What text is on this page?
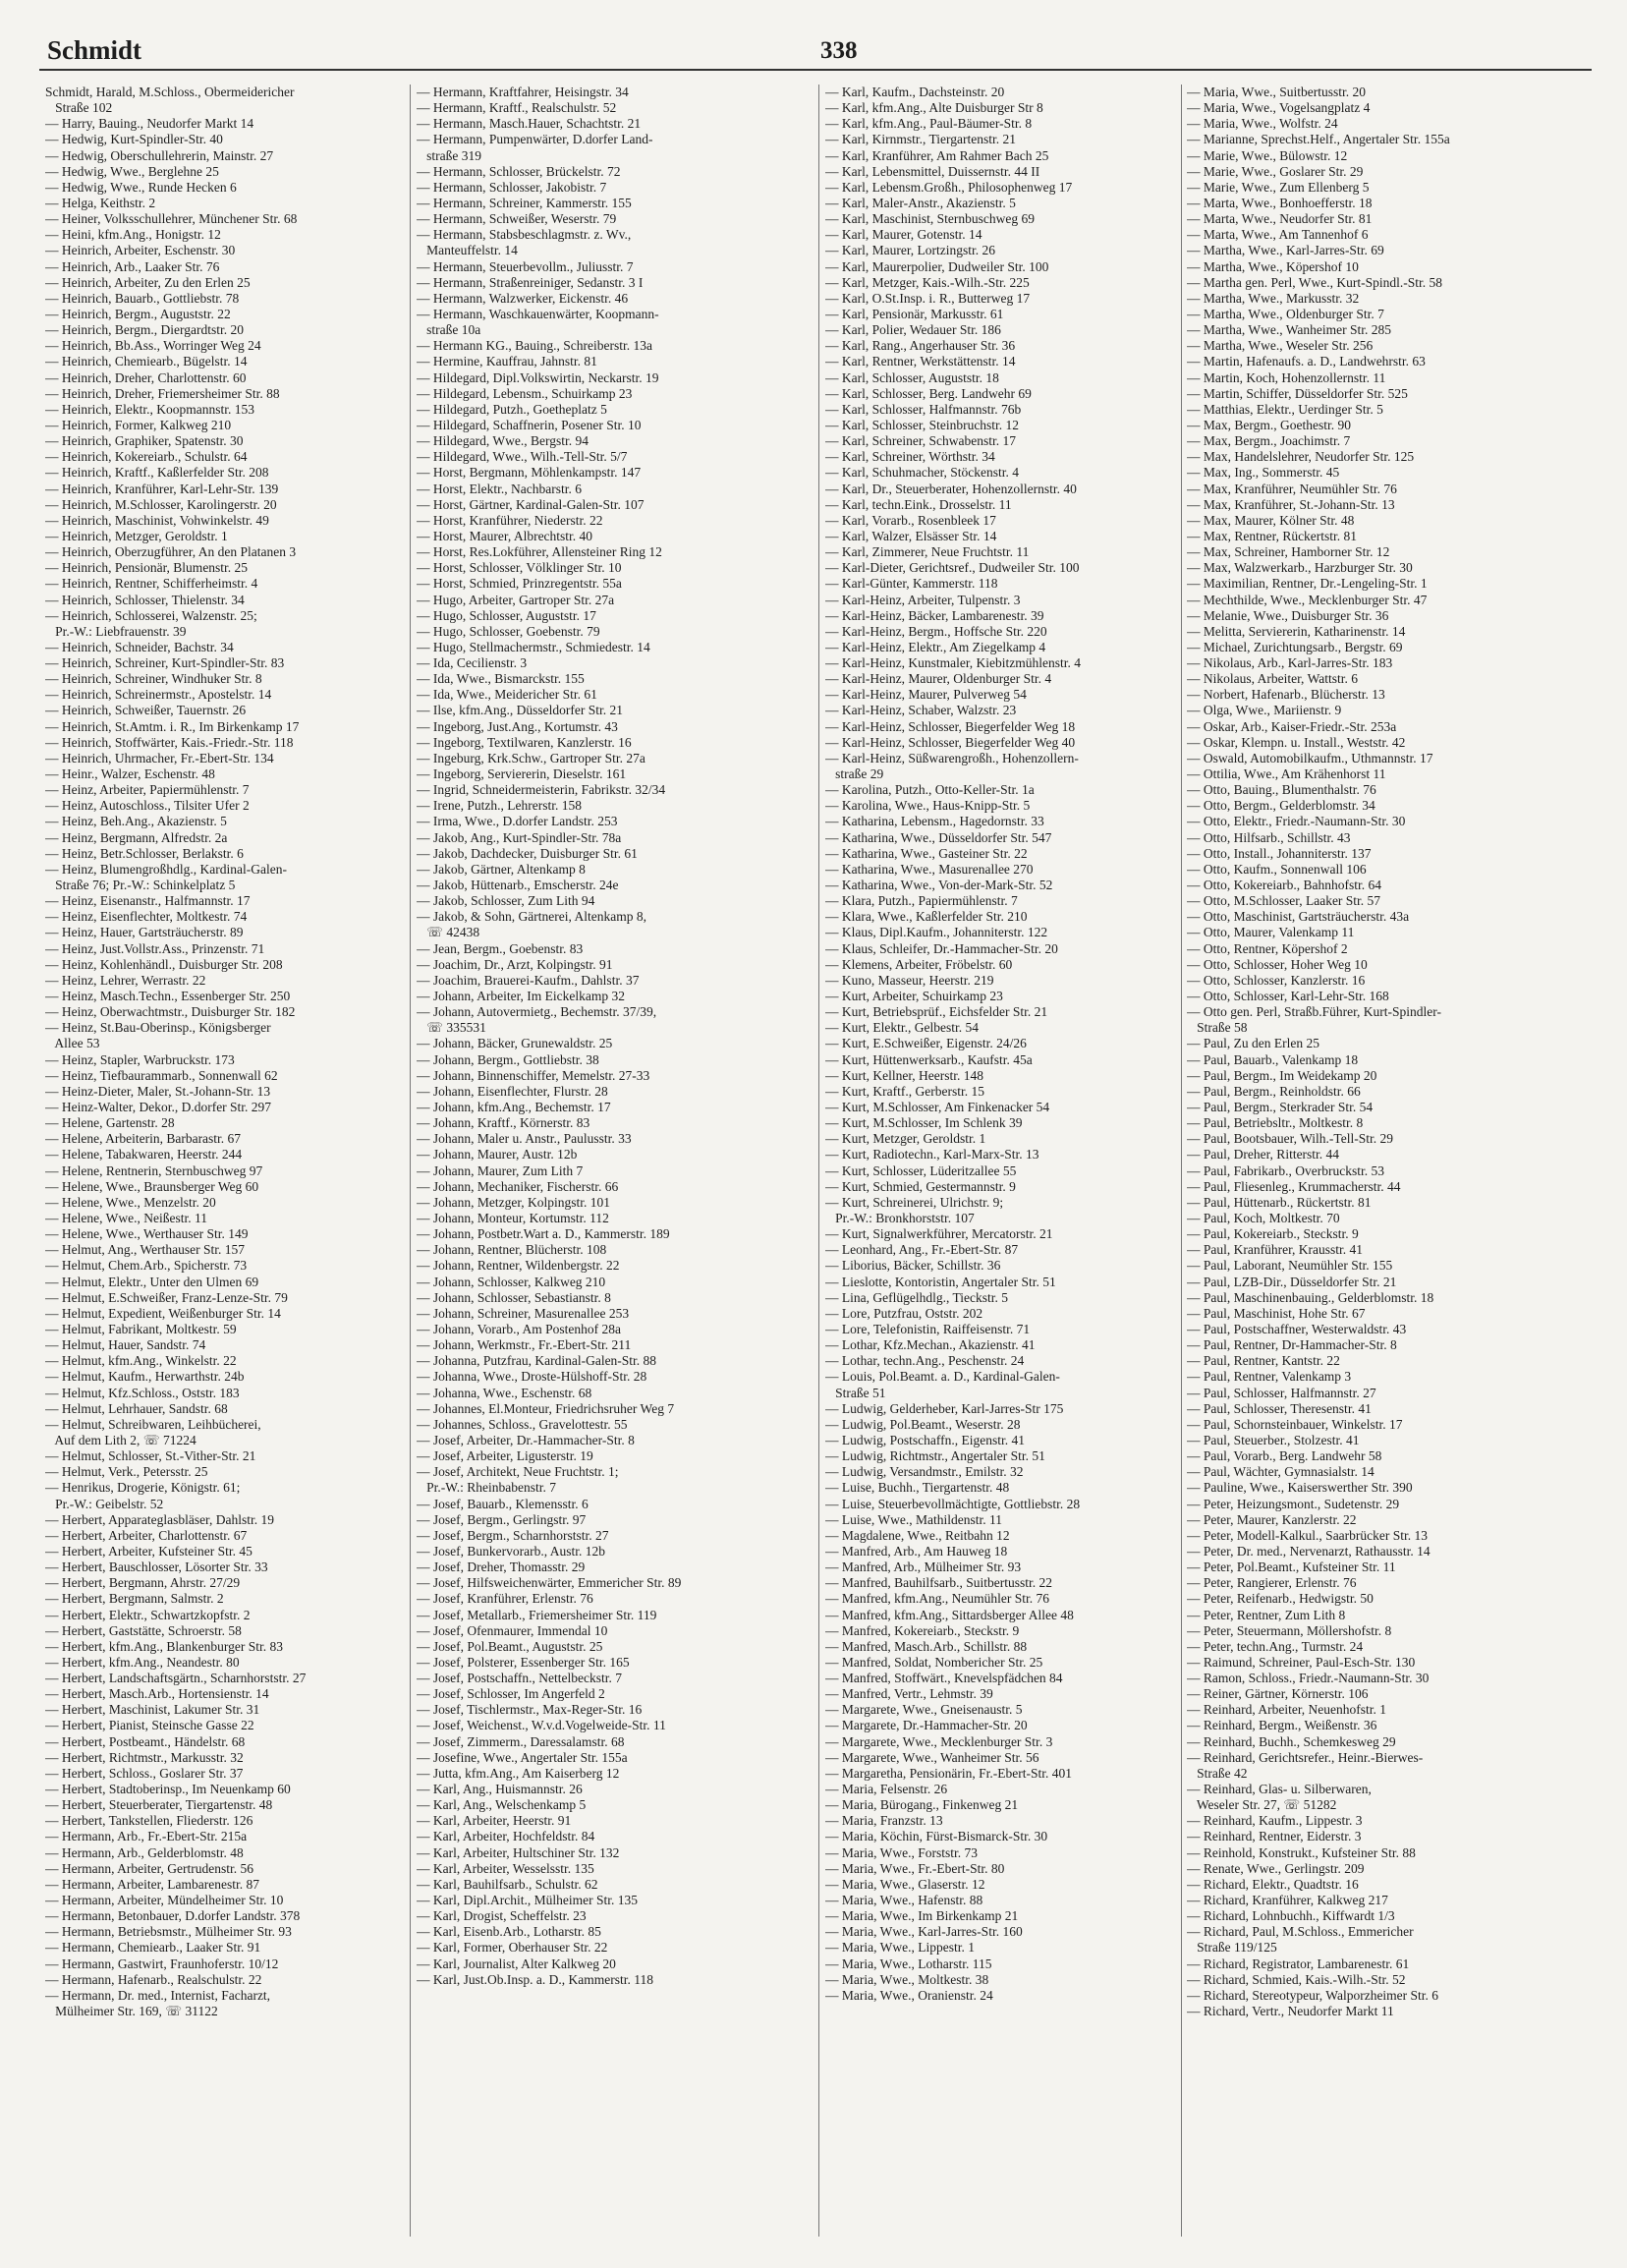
Schmidt	338
Schmidt, Harald, M.Schloss., Obermeidericher
Straße 102
— Harry, Bauing., Neudorfer Markt 14
— Hedwig, Kurt-Spindler-Str. 40
— Hedwig, Oberschullehrerin, Mainstr. 27
— Hedwig, Wwe., Berglehne 25
— Hedwig, Wwe., Runde Hecken 6
— Helga, Keithstr. 2
— Heiner, Volksschullehrer, Münchener Str. 68
— Heini, kfm.Ang., Honigstr. 12
— Heinrich, Arbeiter, Eschenstr. 30
— Heinrich, Arb., Laaker Str. 76
— Heinrich, Arbeiter, Zu den Erlen 25
— Heinrich, Bauarb., Gottliebstr. 78
— Heinrich, Bergm., Auguststr. 22
— Heinrich, Bergm., Diergardtstr. 20
— Heinrich, Bb.Ass., Worringer Weg 24
— Heinrich, Chemiearb., Bügelstr. 14
— Heinrich, Dreher, Charlottenstr. 60
— Heinrich, Dreher, Friemersheimer Str. 88
— Heinrich, Elektr., Koopmannstr. 153
— Heinrich, Former, Kalkweg 210
— Heinrich, Graphiker, Spatenstr. 30
— Heinrich, Kokereiarb., Schulstr. 64
— Heinrich, Kraftf., Kaßlerfelder Str. 208
— Heinrich, Kranführer, Karl-Lehr-Str. 139
— Heinrich, M.Schlosser, Karolingerstr. 20
— Heinrich, Maschinist, Vohwinkelstr. 49
— Heinrich, Metzger, Geroldstr. 1
— Heinrich, Oberzugführer, An den Platanen 3
— Heinrich, Pensionär, Blumenstr. 25
— Heinrich, Rentner, Schifferheimstr. 4
— Heinrich, Schlosser, Thielenstr. 34
— Heinrich, Schlosserei, Walzenstr. 25;
Pr.-W.: Liebfrauenstr. 39
— Heinrich, Schneider, Bachstr. 34
— Heinrich, Schreiner, Kurt-Spindler-Str. 83
— Heinrich, Schreiner, Windhuker Str. 8
— Heinrich, Schreinermstr., Apostelstr. 14
— Heinrich, Schweißer, Tauernstr. 26
— Heinrich, St.Amtm. i. R., Im Birkenkamp 17
— Heinrich, Stoffwärter, Kais.-Friedr.-Str. 118
— Heinrich, Uhrmacher, Fr.-Ebert-Str. 134
— Heinr., Walzer, Eschenstr. 48
— Heinz, Arbeiter, Papiermühlenstr. 7
— Heinz, Autoschloss., Tilsiter Ufer 2
— Heinz, Beh.Ang., Akazienstr. 5
— Heinz, Bergmann, Alfredstr. 2a
— Heinz, Betr.Schlosser, Berlakstr. 6
— Heinz, Blumengroßhdlg., Kardinal-Galen-
Straße 76; Pr.-W.: Schinkelplatz 5
— Heinz, Eisenanstr., Halfmannstr. 17
— Heinz, Eisenflechter, Moltkestr. 74
— Heinz, Hauer, Gartsträucherstr. 89
— Heinz, Just.Vollstr.Ass., Prinzenstr. 71
— Heinz, Kohlenhändl., Duisburger Str. 208
— Heinz, Lehrer, Werrastr. 22
— Heinz, Masch.Techn., Essenberger Str. 250
— Heinz, Oberwachtmstr., Duisburger Str. 182
— Heinz, St.Bau-Oberinsp., Königsberger
Allee 53
— Heinz, Stapler, Warbruckstr. 173
— Heinz, Tiefbaurammarb., Sonnenwall 62
— Heinz-Dieter, Maler, St.-Johann-Str. 13
— Heinz-Walter, Dekor., D.dorfer Str. 297
— Helene, Gartenstr. 28
— Helene, Arbeiterin, Barbarastr. 67
— Helene, Tabakwaren, Heerstr. 244
— Helene, Rentnerin, Sternbuschweg 97
— Helene, Wwe., Braunsberger Weg 60
— Helene, Wwe., Menzelstr. 20
— Helene, Wwe., Neißestr. 11
— Helene, Wwe., Werthauser Str. 149
— Helmut, Ang., Werthauser Str. 157
— Helmut, Chem.Arb., Spicherstr. 73
— Helmut, Elektr., Unter den Ulmen 69
— Helmut, E.Schweißer, Franz-Lenze-Str. 79
— Helmut, Expedient, Weißenburger Str. 14
— Helmut, Fabrikant, Moltkestr. 59
— Helmut, Hauer, Sandstr. 74
— Helmut, kfm.Ang., Winkelstr. 22
— Helmut, Kaufm., Herwarthstr. 24b
— Helmut, Kfz.Schloss., Oststr. 183
— Helmut, Lehrhauer, Sandstr. 68
— Helmut, Schreibwaren, Leihbücherei,
Auf dem Lith 2, ☏ 71224
— Helmut, Schlosser, St.-Vither-Str. 21
— Helmut, Verk., Petersstr. 25
— Henrikus, Drogerie, Königstr. 61;
Pr.-W.: Geibelstr. 52
— Herbert, Apparateglasbläser, Dahlstr. 19
— Herbert, Arbeiter, Charlottenstr. 67
— Herbert, Arbeiter, Kufsteiner Str. 45
— Herbert, Bauschlosser, Lösorter Str. 33
— Herbert, Bergmann, Ahrstr. 27/29
— Herbert, Bergmann, Salmstr. 2
— Herbert, Elektr., Schwartzkopfstr. 2
— Herbert, Gaststätte, Schroerstr. 58
— Herbert, kfm.Ang., Blankenburger Str. 83
— Herbert, kfm.Ang., Neandestr. 80
— Herbert, Landschaftsgärtn., Scharnhorststr. 27
— Herbert, Masch.Arb., Hortensienstr. 14
— Herbert, Maschinist, Lakumer Str. 31
— Herbert, Pianist, Steinsche Gasse 22
— Herbert, Postbeamt., Händelstr. 68
— Herbert, Richtmstr., Markusstr. 32
— Herbert, Schloss., Goslarer Str. 37
— Herbert, Stadtoberinsp., Im Neuenkamp 60
— Herbert, Steuerberater, Tiergartenstr. 48
— Herbert, Tankstellen, Fliederstr. 126
— Hermann, Arb., Fr.-Ebert-Str. 215a
— Hermann, Arb., Gelderblomstr. 48
— Hermann, Arbeiter, Gertrudenstr. 56
— Hermann, Arbeiter, Lambarenestr. 87
— Hermann, Arbeiter, Mündelheimer Str. 10
— Hermann, Betonbauer, D.dorfer Landstr. 378
— Hermann, Betriebsmstr., Mülheimer Str. 93
— Hermann, Chemiearb., Laaker Str. 91
— Hermann, Gastwirt, Fraunhoferstr. 10/12
— Hermann, Hafenarb., Realschulstr. 22
— Hermann, Dr. med., Internist, Facharzt,
Mülheimer Str. 169, ☏ 31122
— Hermann, Kraftfahrer, Heisingstr. 34
— Hermann, Kraftf., Realschulstr. 52
— Hermann, Masch.Hauer, Schachtstr. 21
— Hermann, Pumpenwärter, D.dorfer Land-
straße 319
— Hermann, Schlosser, Brückelstr. 72
— Hermann, Schlosser, Jakobistr. 7
— Hermann, Schreiner, Kammerstr. 155
— Hermann, Schweißer, Weserstr. 79
— Hermann, Stabsbeschlagmstr. z. Wv.,
Manteuffelstr. 14
— Hermann, Steuerbevollm., Juliusstr. 7
— Hermann, Straßenreiniger, Sedanstr. 3 I
— Hermann, Walzwerker, Eickenstr. 46
— Hermann, Waschkauenwärter, Koopmann-
straße 10a
— Hermann KG., Bauing., Schreiberstr. 13a
— Hermine, Kauffrau, Jahnstr. 81
— Hildegard, Dipl.Volkswirtin, Neckarstr. 19
— Hildegard, Lebensm., Schuirkamp 23
— Hildegard, Putzh., Goetheplatz 5
— Hildegard, Schaffnerin, Posener Str. 10
— Hildegard, Wwe., Bergstr. 94
— Hildegard, Wwe., Wilh.-Tell-Str. 5/7
— Horst, Bergmann, Möhlenkampstr. 147
— Horst, Elektr., Nachbarstr. 6
— Horst, Gärtner, Kardinal-Galen-Str. 107
— Horst, Kranführer, Niederstr. 22
— Horst, Maurer, Albrechtstr. 40
— Horst, Res.Lokführer, Allensteiner Ring 12
— Horst, Schlosser, Völklinger Str. 10
— Horst, Schmied, Prinzregentstr. 55a
— Hugo, Arbeiter, Gartroper Str. 27a
— Hugo, Schlosser, Auguststr. 17
— Hugo, Schlosser, Goebenstr. 79
— Hugo, Stellmachermstr., Schmiedestr. 14
— Ida, Cecilienstr. 3
— Ida, Wwe., Bismarckstr. 155
— Ida, Wwe., Meidericher Str. 61
— Ilse, kfm.Ang., Düsseldorfer Str. 21
— Ingeborg, Just.Ang., Kortumstr. 43
— Ingeborg, Textilwaren, Kanzlerstr. 16
— Ingeburg, Krk.Schw., Gartroper Str. 27a
— Ingeborg, Serviererin, Dieselstr. 161
— Ingrid, Schneidermeisterin, Fabrikstr. 32/34
— Irene, Putzh., Lehrerstr. 158
— Irma, Wwe., D.dorfer Landstr. 253
— Jakob, Ang., Kurt-Spindler-Str. 78a
— Jakob, Dachdecker, Duisburger Str. 61
— Jakob, Gärtner, Altenkamp 8
— Jakob, Hüttenarb., Emscherstr. 24e
— Jakob, Schlosser, Zum Lith 94
— Jakob, & Sohn, Gärtnerei, Altenkamp 8,
☏ 42438
— Jean, Bergm., Goebenstr. 83
— Joachim, Dr., Arzt, Kolpingstr. 91
— Joachim, Brauerei-Kaufm., Dahlstr. 37
— Johann, Arbeiter, Im Eickelkamp 32
— Johann, Autovermietg., Bechemstr. 37/39,
☏ 335531
— Johann, Bäcker, Grunewaldstr. 25
— Johann, Bergm., Gottliebstr. 38
— Johann, Binnenschiffer, Memelstr. 27-33
— Johann, Eisenflechter, Flurstr. 28
— Johann, kfm.Ang., Bechemstr. 17
— Johann, Kraftf., Körnerstr. 83
— Johann, Maler u. Anstr., Paulusstr. 33
— Johann, Maurer, Austr. 12b
— Johann, Maurer, Zum Lith 7
— Johann, Mechaniker, Fischerstr. 66
— Johann, Metzger, Kolpingstr. 101
— Johann, Monteur, Kortumstr. 112
— Johann, Postbetr.Wart a. D., Kammerstr. 189
— Johann, Rentner, Blücherstr. 108
— Johann, Rentner, Wildenbergstr. 22
— Johann, Schlosser, Kalkweg 210
— Johann, Schlosser, Sebastianstr. 8
— Johann, Schreiner, Masurenallee 253
— Johann, Vorarb., Am Postenhof 28a
— Johann, Werkmstr., Fr.-Ebert-Str. 211
— Johanna, Putzfrau, Kardinal-Galen-Str. 88
— Johanna, Wwe., Droste-Hülshoff-Str. 28
— Johanna, Wwe., Eschenstr. 68
— Johannes, El.Monteur, Friedrichsruher Weg 7
— Johannes, Schloss., Gravelottestr. 55
— Josef, Arbeiter, Dr.-Hammacher-Str. 8
— Josef, Arbeiter, Ligusterstr. 19
— Josef, Architekt, Neue Fruchtstr. 1;
Pr.-W.: Rheinbabenstr. 7
— Josef, Bauarb., Klemensstr. 6
— Josef, Bergm., Gerlingstr. 97
— Josef, Bergm., Scharnhorststr. 27
— Josef, Bunkervorarb., Austr. 12b
— Josef, Dreher, Thomasstr. 29
— Josef, Hilfsweichenwärter, Emmericher Str. 89
— Josef, Kranführer, Erlenstr. 76
— Josef, Metallarb., Friemersheimer Str. 119
— Josef, Ofenmaurer, Immendal 10
— Josef, Pol.Beamt., Auguststr. 25
— Josef, Polsterer, Essenberger Str. 165
— Josef, Postschaffn., Nettelbeckstr. 7
— Josef, Schlosser, Im Angerfeld 2
— Josef, Tischlermstr., Max-Reger-Str. 16
— Josef, Weichenst., W.v.d.Vogelweide-Str. 11
— Josef, Zimmerm., Daressalamstr. 68
— Josefine, Wwe., Angertaler Str. 155a
— Jutta, kfm.Ang., Am Kaiserberg 12
— Karl, Ang., Huismannstr. 26
— Karl, Ang., Welschenkamp 5
— Karl, Arbeiter, Heerstr. 91
— Karl, Arbeiter, Hochfeldstr. 84
— Karl, Arbeiter, Hultschiner Str. 132
— Karl, Arbeiter, Wesselsstr. 135
— Karl, Bauhilfsarb., Schulstr. 62
— Karl, Dipl.Archit., Mülheimer Str. 135
— Karl, Drogist, Scheffelstr. 23
— Karl, Eisenb.Arb., Lotharstr. 85
— Karl, Former, Oberhauser Str. 22
— Karl, Journalist, Alter Kalkweg 20
— Karl, Just.Ob.Insp. a. D., Kammerstr. 118
— Karl, Kaufm., Dachsteinstr. 20
— Karl, kfm.Ang., Alte Duisburger Str 8
— Karl, kfm.Ang., Paul-Bäumer-Str. 8
— Karl, Kirnmstr., Tiergartenstr. 21
— Karl, Kranführer, Am Rahmer Bach 25
— Karl, Lebensmittel, Duissernstr. 44 II
— Karl, Lebensm.Großh., Philosophenweg 17
— Karl, Maler-Anstr., Akazienstr. 5
— Karl, Maschinist, Sternbuschweg 69
— Karl, Maurer, Gotenstr. 14
— Karl, Maurer, Lortzingstr. 26
— Karl, Maurerpolier, Dudweiler Str. 100
— Karl, Metzger, Kais.-Wilh.-Str. 225
— Karl, O.St.Insp. i. R., Butterweg 17
— Karl, Pensionär, Markusstr. 61
— Karl, Polier, Wedauer Str. 186
— Karl, Rang., Angerhauser Str. 36
— Karl, Rentner, Werkstättenstr. 14
— Karl, Schlosser, Auguststr. 18
— Karl, Schlosser, Berg. Landwehr 69
— Karl, Schlosser, Halfmannstr. 76b
— Karl, Schlosser, Steinbruchstr. 12
— Karl, Schreiner, Schwabenstr. 17
— Karl, Schreiner, Wörthstr. 34
— Karl, Schuhmacher, Stöckenstr. 4
— Karl, Dr., Steuerberater, Hohenzollernstr. 40
— Karl, techn.Eink., Drosselstr. 11
— Karl, Vorarb., Rosenbleek 17
— Karl, Walzer, Elsässer Str. 14
— Karl, Zimmerer, Neue Fruchtstr. 11
— Karl-Dieter, Gerichtsref., Dudweiler Str. 100
— Karl-Günter, Kammerstr. 118
— Karl-Heinz, Arbeiter, Tulpenstr. 3
— Karl-Heinz, Bäcker, Lambarenestr. 39
— Karl-Heinz, Bergm., Hoffsche Str. 220
— Karl-Heinz, Elektr., Am Ziegelkamp 4
— Karl-Heinz, Kunstmaler, Kiebitzmühlenstr. 4
— Karl-Heinz, Maurer, Oldenburger Str. 4
— Karl-Heinz, Maurer, Pulverweg 54
— Karl-Heinz, Schaber, Walzstr. 23
— Karl-Heinz, Schlosser, Biegerfelder Weg 18
— Karl-Heinz, Schlosser, Biegerfelder Weg 40
— Karl-Heinz, Süßwarengroßh., Hohenzollern-
straße 29
— Karolina, Putzh., Otto-Keller-Str. 1a
— Karolina, Wwe., Haus-Knipp-Str. 5
— Katharina, Lebensm., Hagedornstr. 33
— Katharina, Wwe., Düsseldorfer Str. 547
— Katharina, Wwe., Gasteiner Str. 22
— Katharina, Wwe., Masurenallee 270
— Katharina, Wwe., Von-der-Mark-Str. 52
— Klara, Putzh., Papiermühlenstr. 7
— Klara, Wwe., Kaßlerfelder Str. 210
— Klaus, Dipl.Kaufm., Johanniterstr. 122
— Klaus, Schleifer, Dr.-Hammacher-Str. 20
— Klemens, Arbeiter, Fröbelstr. 60
— Kuno, Masseur, Heerstr. 219
— Kurt, Arbeiter, Schuirkamp 23
— Kurt, Betriebsprüf., Eichsfelder Str. 21
— Kurt, Elektr., Gelbestr. 54
— Kurt, E.Schweißer, Eigenstr. 24/26
— Kurt, Hüttenwerksarb., Kaufstr. 45a
— Kurt, Kellner, Heerstr. 148
— Kurt, Kraftf., Gerberstr. 15
— Kurt, M.Schlosser, Am Finkenacker 54
— Kurt, M.Schlosser, Im Schlenk 39
— Kurt, Metzger, Geroldstr. 1
— Kurt, Radiotechn., Karl-Marx-Str. 13
— Kurt, Schlosser, Lüderitzallee 55
— Kurt, Schmied, Gestermannstr. 9
— Kurt, Schreinerei, Ulrichstr. 9;
Pr.-W.: Bronkhorststr. 107
— Kurt, Signalwerkführer, Mercatorstr. 21
— Leonhard, Ang., Fr.-Ebert-Str. 87
— Liborius, Bäcker, Schillstr. 36
— Lieslotte, Kontoristin, Angertaler Str. 51
— Lina, Geflügelhdlg., Tieckstr. 5
— Lore, Putzfrau, Oststr. 202
— Lore, Telefonistin, Raiffeisenstr. 71
— Lothar, Kfz.Mechan., Akazienstr. 41
— Lothar, techn.Ang., Peschenstr. 24
— Louis, Pol.Beamt. a. D., Kardinal-Galen-
Straße 51
— Ludwig, Gelderheber, Karl-Jarres-Str 175
— Ludwig, Pol.Beamt., Weserstr. 28
— Ludwig, Postschaffn., Eigenstr. 41
— Ludwig, Richtmstr., Angertaler Str. 51
— Ludwig, Versandmstr., Emilstr. 32
— Luise, Buchh., Tiergartenstr. 48
— Luise, Steuerbevollmächtigte, Gottliebstr. 28
— Luise, Wwe., Mathildenstr. 11
— Magdalene, Wwe., Reitbahn 12
— Manfred, Arb., Am Hauweg 18
— Manfred, Arb., Mülheimer Str. 93
— Manfred, Bauhilfsarb., Suitbertusstr. 22
— Manfred, kfm.Ang., Neumühler Str. 76
— Manfred, kfm.Ang., Sittardsberger Allee 48
— Manfred, Kokereiarb., Steckstr. 9
— Manfred, Masch.Arb., Schillstr. 88
— Manfred, Soldat, Nombericher Str. 25
— Manfred, Stoffwärt., Knevelspfädchen 84
— Manfred, Vertr., Lehmstr. 39
— Margarete, Wwe., Gneisenaustr. 5
— Margarete, Dr.-Hammacher-Str. 20
— Margarete, Wwe., Mecklenburger Str. 3
— Margarete, Wwe., Wanheimer Str. 56
— Margaretha, Pensionärin, Fr.-Ebert-Str. 401
— Maria, Felsenstr. 26
— Maria, Bürogang., Finkenweg 21
— Maria, Franzstr. 13
— Maria, Köchin, Fürst-Bismarck-Str. 30
— Maria, Wwe., Forststr. 73
— Maria, Wwe., Fr.-Ebert-Str. 80
— Maria, Wwe., Glaserstr. 12
— Maria, Wwe., Hafenstr. 88
— Maria, Wwe., Im Birkenkamp 21
— Maria, Wwe., Karl-Jarres-Str. 160
— Maria, Wwe., Lippestr. 1
— Maria, Wwe., Lotharstr. 115
— Maria, Wwe., Moltkestr. 38
— Maria, Wwe., Oranienstr. 24
— Maria, Wwe., Suitbertusstr. 20
— Maria, Wwe., Vogelsangplatz 4
— Maria, Wwe., Wolfstr. 24
— Marianne, Sprechst.Helf., Angertaler Str. 155a
— Marie, Wwe., Bülowstr. 12
— Marie, Wwe., Goslarer Str. 29
— Marie, Wwe., Zum Ellenberg 5
— Marta, Wwe., Bonhoefferstr. 18
— Marta, Wwe., Neudorfer Str. 81
— Marta, Wwe., Am Tannenhof 6
— Martha, Wwe., Karl-Jarres-Str. 69
— Martha, Wwe., Köpershof 10
— Martha gen. Perl, Wwe., Kurt-Spindl.-Str. 58
— Martha, Wwe., Markusstr. 32
— Martha, Wwe., Oldenburger Str. 7
— Martha, Wwe., Wanheimer Str. 285
— Martha, Wwe., Weseler Str. 256
— Martin, Hafenaufs. a. D., Landwehrstr. 63
— Martin, Koch, Hohenzollernstr. 11
— Martin, Schiffer, Düsseldorfer Str. 525
— Matthias, Elektr., Uerdinger Str. 5
— Max, Bergm., Goethestr. 90
— Max, Bergm., Joachimstr. 7
— Max, Handelslehrer, Neudorfer Str. 125
— Max, Ing., Sommerstr. 45
— Max, Kranführer, Neumühler Str. 76
— Max, Kranführer, St.-Johann-Str. 13
— Max, Maurer, Kölner Str. 48
— Max, Rentner, Rückertstr. 81
— Max, Schreiner, Hamborner Str. 12
— Max, Walzwerkarb., Harzburger Str. 30
— Maximilian, Rentner, Dr.-Lengeling-Str. 1
— Mechthilde, Wwe., Mecklenburger Str. 47
— Melanie, Wwe., Duisburger Str. 36
— Melitta, Serviererin, Katharinenstr. 14
— Michael, Zurichtungsarb., Bergstr. 69
— Nikolaus, Arb., Karl-Jarres-Str. 183
— Nikolaus, Arbeiter, Wattstr. 6
— Norbert, Hafenarb., Blücherstr. 13
— Olga, Wwe., Mariienstr. 9
— Oskar, Arb., Kaiser-Friedr.-Str. 253a
— Oskar, Klempn. u. Install., Weststr. 42
— Oswald, Automobilkaufm., Uthmannstr. 17
— Ottilia, Wwe., Am Krähenhorst 11
— Otto, Bauing., Blumenthalstr. 76
— Otto, Bergm., Gelderblomstr. 34
— Otto, Elektr., Friedr.-Naumann-Str. 30
— Otto, Hilfsarb., Schillstr. 43
— Otto, Install., Johanniterstr. 137
— Otto, Kaufm., Sonnenwall 106
— Otto, Kokereiarb., Bahnhofstr. 64
— Otto, M.Schlosser, Laaker Str. 57
— Otto, Maschinist, Gartsträucherstr. 43a
— Otto, Maurer, Valenkamp 11
— Otto, Rentner, Köpershof 2
— Otto, Schlosser, Hoher Weg 10
— Otto, Schlosser, Kanzlerstr. 16
— Otto, Schlosser, Karl-Lehr-Str. 168
— Otto gen. Perl, Straßb.Führer, Kurt-Spindler-
Straße 58
— Paul, Zu den Erlen 25
— Paul, Bauarb., Valenkamp 18
— Paul, Bergm., Im Weidekamp 20
— Paul, Bergm., Reinholdstr. 66
— Paul, Bergm., Sterkrader Str. 54
— Paul, Betriebsltr., Moltkestr. 8
— Paul, Bootsbauer, Wilh.-Tell-Str. 29
— Paul, Dreher, Ritterstr. 44
— Paul, Fabrikarb., Overbruckstr. 53
— Paul, Fliesenleg., Krummacherstr. 44
— Paul, Hüttenarb., Rückertstr. 81
— Paul, Koch, Moltkestr. 70
— Paul, Kokereiarb., Steckstr. 9
— Paul, Kranführer, Krausstr. 41
— Paul, Laborant, Neumühler Str. 155
— Paul, LZB-Dir., Düsseldorfer Str. 21
— Paul, Maschinenbauing., Gelderblomstr. 18
— Paul, Maschinist, Hohe Str. 67
— Paul, Postschaffner, Westerwaldstr. 43
— Paul, Rentner, Dr-Hammacher-Str. 8
— Paul, Rentner, Kantstr. 22
— Paul, Rentner, Valenkamp 3
— Paul, Schlosser, Halfmannstr. 27
— Paul, Schlosser, Theresenstr. 41
— Paul, Schornsteinbauer, Winkelstr. 17
— Paul, Steuerber., Stolzestr. 41
— Paul, Vorarb., Berg. Landwehr 58
— Paul, Wächter, Gymnasialstr. 14
— Pauline, Wwe., Kaiserswerther Str. 390
— Peter, Heizungsmont., Sudetenstr. 29
— Peter, Maurer, Kanzlerstr. 22
— Peter, Modell-Kalkul., Saarbrücker Str. 13
— Peter, Dr. med., Nervenarzt, Rathausstr. 14
— Peter, Pol.Beamt., Kufsteiner Str. 11
— Peter, Rangierer, Erlenstr. 76
— Peter, Reifenarb., Hedwigstr. 50
— Peter, Rentner, Zum Lith 8
— Peter, Steuermann, Möllershofstr. 8
— Peter, techn.Ang., Turmstr. 24
— Raimund, Schreiner, Paul-Esch-Str. 130
— Ramon, Schloss., Friedr.-Naumann-Str. 30
— Reiner, Gärtner, Körnerstr. 106
— Reinhard, Arbeiter, Neuenhofstr. 1
— Reinhard, Bergm., Weißenstr. 36
— Reinhard, Buchh., Schemkesweg 29
— Reinhard, Gerichtsrefer., Heinr.-Bierwes-
Straße 42
— Reinhard, Glas- u. Silberwaren,
Weseler Str. 27, ☏ 51282
— Reinhard, Kaufm., Lippestr. 3
— Reinhard, Rentner, Eiderstr. 3
— Reinhold, Konstrukt., Kufsteiner Str. 88
— Renate, Wwe., Gerlingstr. 209
— Richard, Elektr., Quadtstr. 16
— Richard, Kranführer, Kalkweg 217
— Richard, Lohnbuchh., Kiffwardt 1/3
— Richard, Paul, M.Schloss., Emmericher
Straße 119/125
— Richard, Registrator, Lambarenestr. 61
— Richard, Schmied, Kais.-Wilh.-Str. 52
— Richard, Stereotypeur, Walporzheimer Str. 6
— Richard, Vertr., Neudorfer Markt 11
